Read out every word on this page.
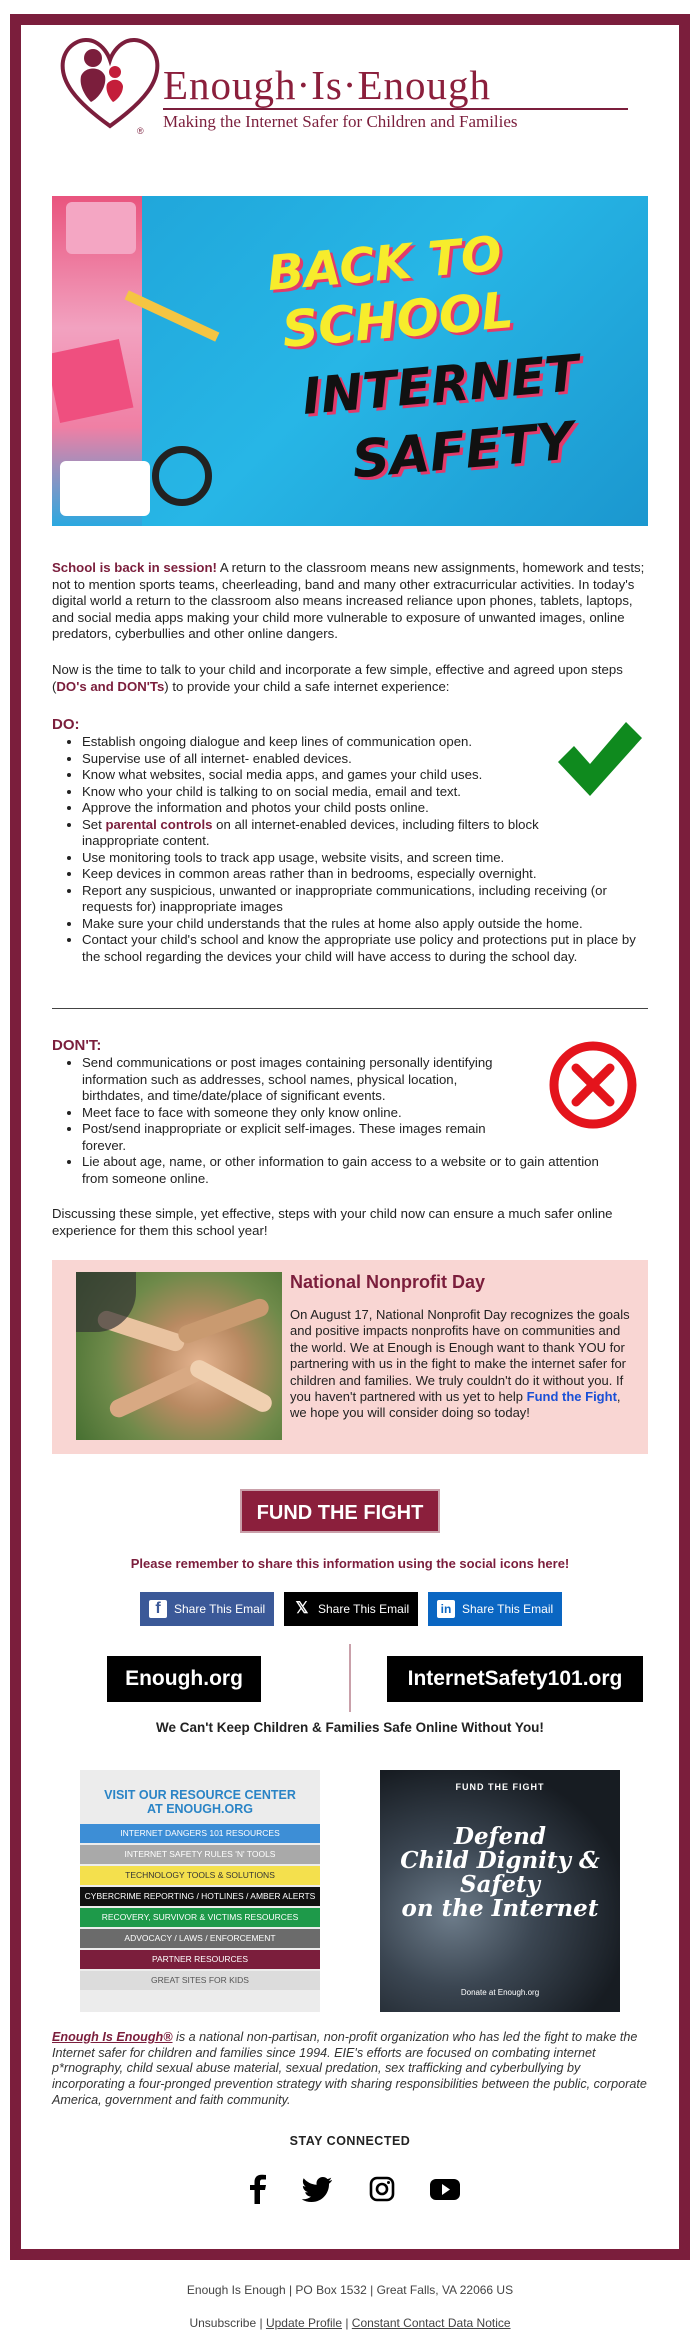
®
Enough·Is·Enough
Making the Internet Safer for Children and Families
BACK TO
SCHOOL
INTERNET
SAFETY
School is back in session! A return to the classroom means new assignments, homework and tests; not to mention sports teams, cheerleading, band and many other extracurricular activities. In today's digital world a return to the classroom also means increased reliance upon phones, tablets, laptops, and social media apps making your child more vulnerable to exposure of unwanted images, online predators, cyberbullies and other online dangers.
Now is the time to talk to your child and incorporate a few simple, effective and agreed upon steps (DO's and DON'Ts) to provide your child a safe internet experience:
DO:
• Establish ongoing dialogue and keep lines of communication open.
• Supervise use of all internet- enabled devices.
• Know what websites, social media apps, and games your child uses.
• Know who your child is talking to on social media, email and text.
• Approve the information and photos your child posts online.
• Set parental controls on all internet-enabled devices, including filters to block inappropriate content.
• Use monitoring tools to track app usage, website visits, and screen time.
• Keep devices in common areas rather than in bedrooms, especially overnight.
• Report any suspicious, unwanted or inappropriate communications, including receiving (or requests for) inappropriate images
• Make sure your child understands that the rules at home also apply outside the home.
• Contact your child's school and know the appropriate use policy and protections put in place by the school regarding the devices your child will have access to during the school day.
DON'T:
• Send communications or post images containing personally identifying information such as addresses, school names, physical location, birthdates, and time/date/place of significant events.
• Meet face to face with someone they only know online.
• Post/send inappropriate or explicit self-images. These images remain forever.
• Lie about age, name, or other information to gain access to a website or to gain attention from someone online.
Discussing these simple, yet effective, steps with your child now can ensure a much safer online experience for them this school year!
National Nonprofit Day
On August 17, National Nonprofit Day recognizes the goals and positive impacts nonprofits have on communities and the world. We at Enough is Enough want to thank YOU for partnering with us in the fight to make the internet safer for children and families. We truly couldn't do it without you. If you haven't partnered with us yet to help Fund the Fight, we hope you will consider doing so today!
FUND THE FIGHT
Please remember to share this information using the social icons here!
f	Share This Email	𝕏 Share This Email	in Share This Email
Enough.org	InternetSafety101.org
We Can't Keep Children & Families Safe Online Without You!
VISIT OUR RESOURCE CENTER
AT ENOUGH.ORG
INTERNET DANGERS 101 RESOURCES
INTERNET SAFETY RULES 'N' TOOLS
TECHNOLOGY TOOLS & SOLUTIONS
CYBERCRIME REPORTING / HOTLINES / AMBER ALERTS
RECOVERY, SURVIVOR & VICTIMS RESOURCES
ADVOCACY / LAWS / ENFORCEMENT
PARTNER RESOURCES
GREAT SITES FOR KIDS
FUND THE FIGHT
Defend
Child Dignity &
Safety
on the Internet
Donate at Enough.org
Enough Is Enough® is a national non-partisan, non-profit organization who has led the fight to make the Internet safer for children and families since 1994. EIE's efforts are focused on combating internet p*rnography, child sexual abuse material, sexual predation, sex trafficking and cyberbullying by incorporating a four-pronged prevention strategy with sharing responsibilities between the public, corporate America, government and faith community.
STAY CONNECTED
Enough Is Enough | PO Box 1532 | Great Falls, VA 22066 US
Unsubscribe | Update Profile | Constant Contact Data Notice
